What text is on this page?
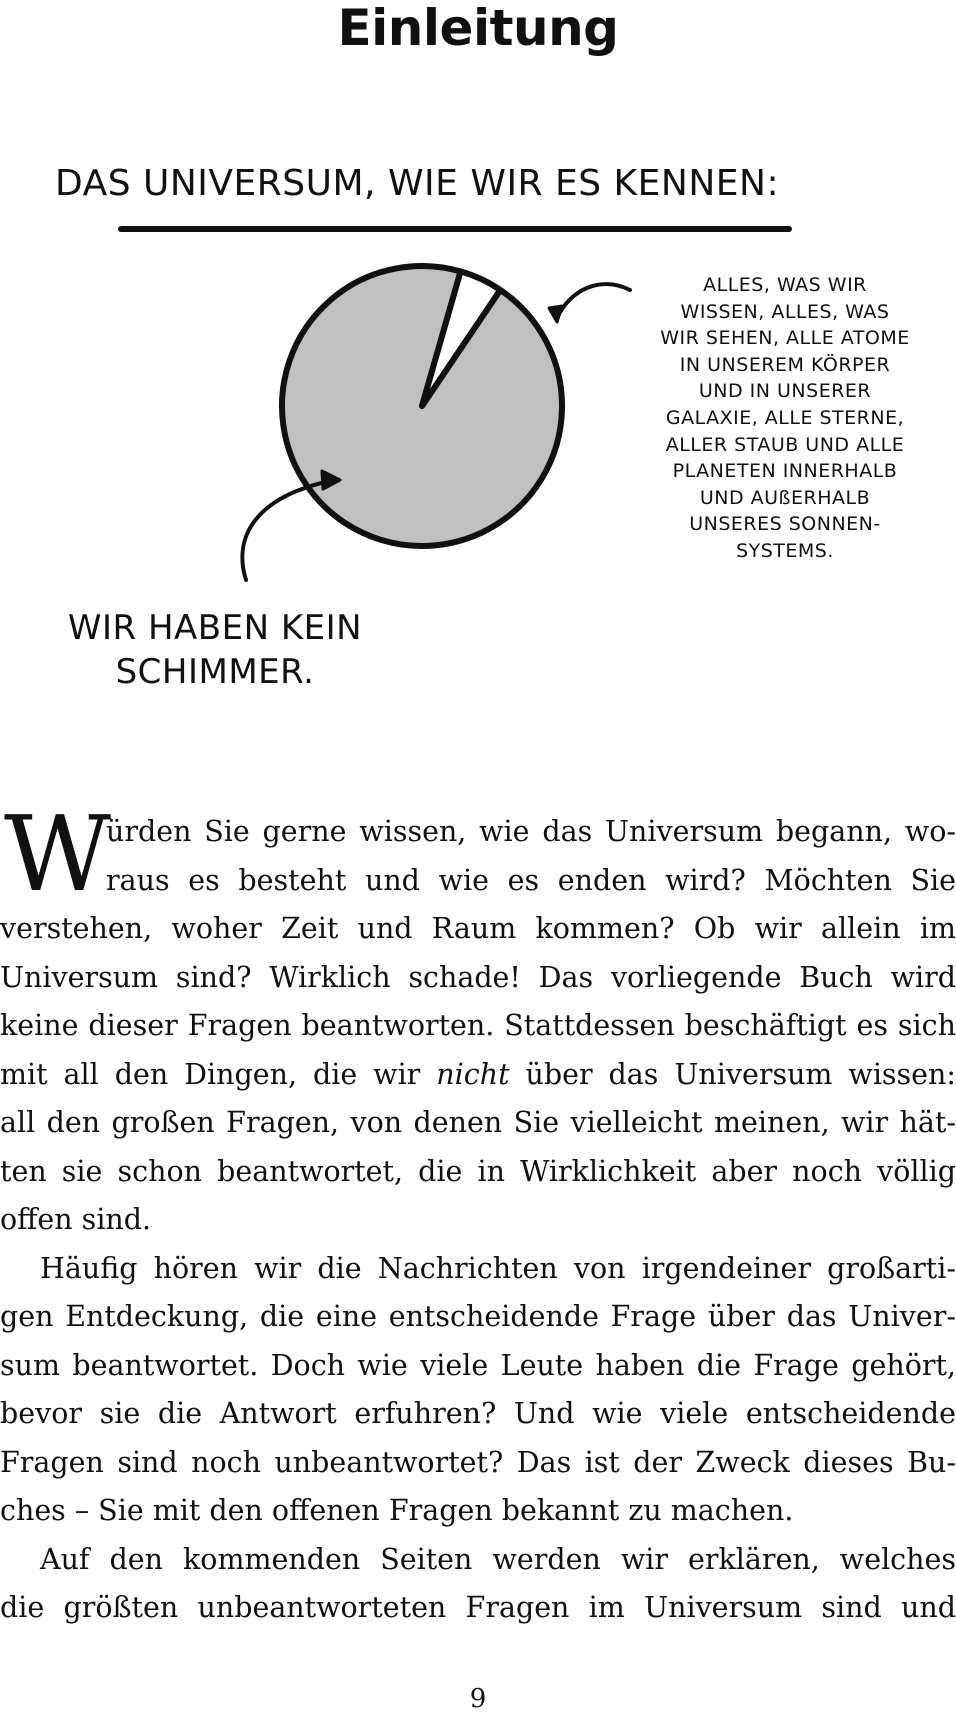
Einleitung
DAS UNIVERSUM, WIE WIR ES KENNEN:
ALLES, WAS WIR
WISSEN, ALLES, WAS
WIR SEHEN, ALLE ATOME
IN UNSEREM KÖRPER
UND IN UNSERER
GALAXIE, ALLE STERNE,
ALLER STAUB UND ALLE
PLANETEN INNERHALB
UND AUßERHALB
UNSERES SONNEN-
SYSTEMS.
WIR HABEN KEIN
SCHIMMER.
W
ürden Sie gerne wissen, wie das Universum begann, wo-
raus es besteht und wie es enden wird? Möchten Sie
verstehen, woher Zeit und Raum kommen? Ob wir allein im
Universum sind? Wirklich schade! Das vorliegende Buch wird
keine dieser Fragen beantworten. Stattdessen beschäftigt es sich
mit all den Dingen, die wir nicht über das Universum wissen:
all den großen Fragen, von denen Sie vielleicht meinen, wir hät-
ten sie schon beantwortet, die in Wirklichkeit aber noch völlig
offen sind.
Häufig hören wir die Nachrichten von irgendeiner großarti-
gen Entdeckung, die eine entscheidende Frage über das Univer-
sum beantwortet. Doch wie viele Leute haben die Frage gehört,
bevor sie die Antwort erfuhren? Und wie viele entscheidende
Fragen sind noch unbeantwortet? Das ist der Zweck dieses Bu-
ches – Sie mit den offenen Fragen bekannt zu machen.
Auf den kommenden Seiten werden wir erklären, welches
die größten unbeantworteten Fragen im Universum sind und
9
